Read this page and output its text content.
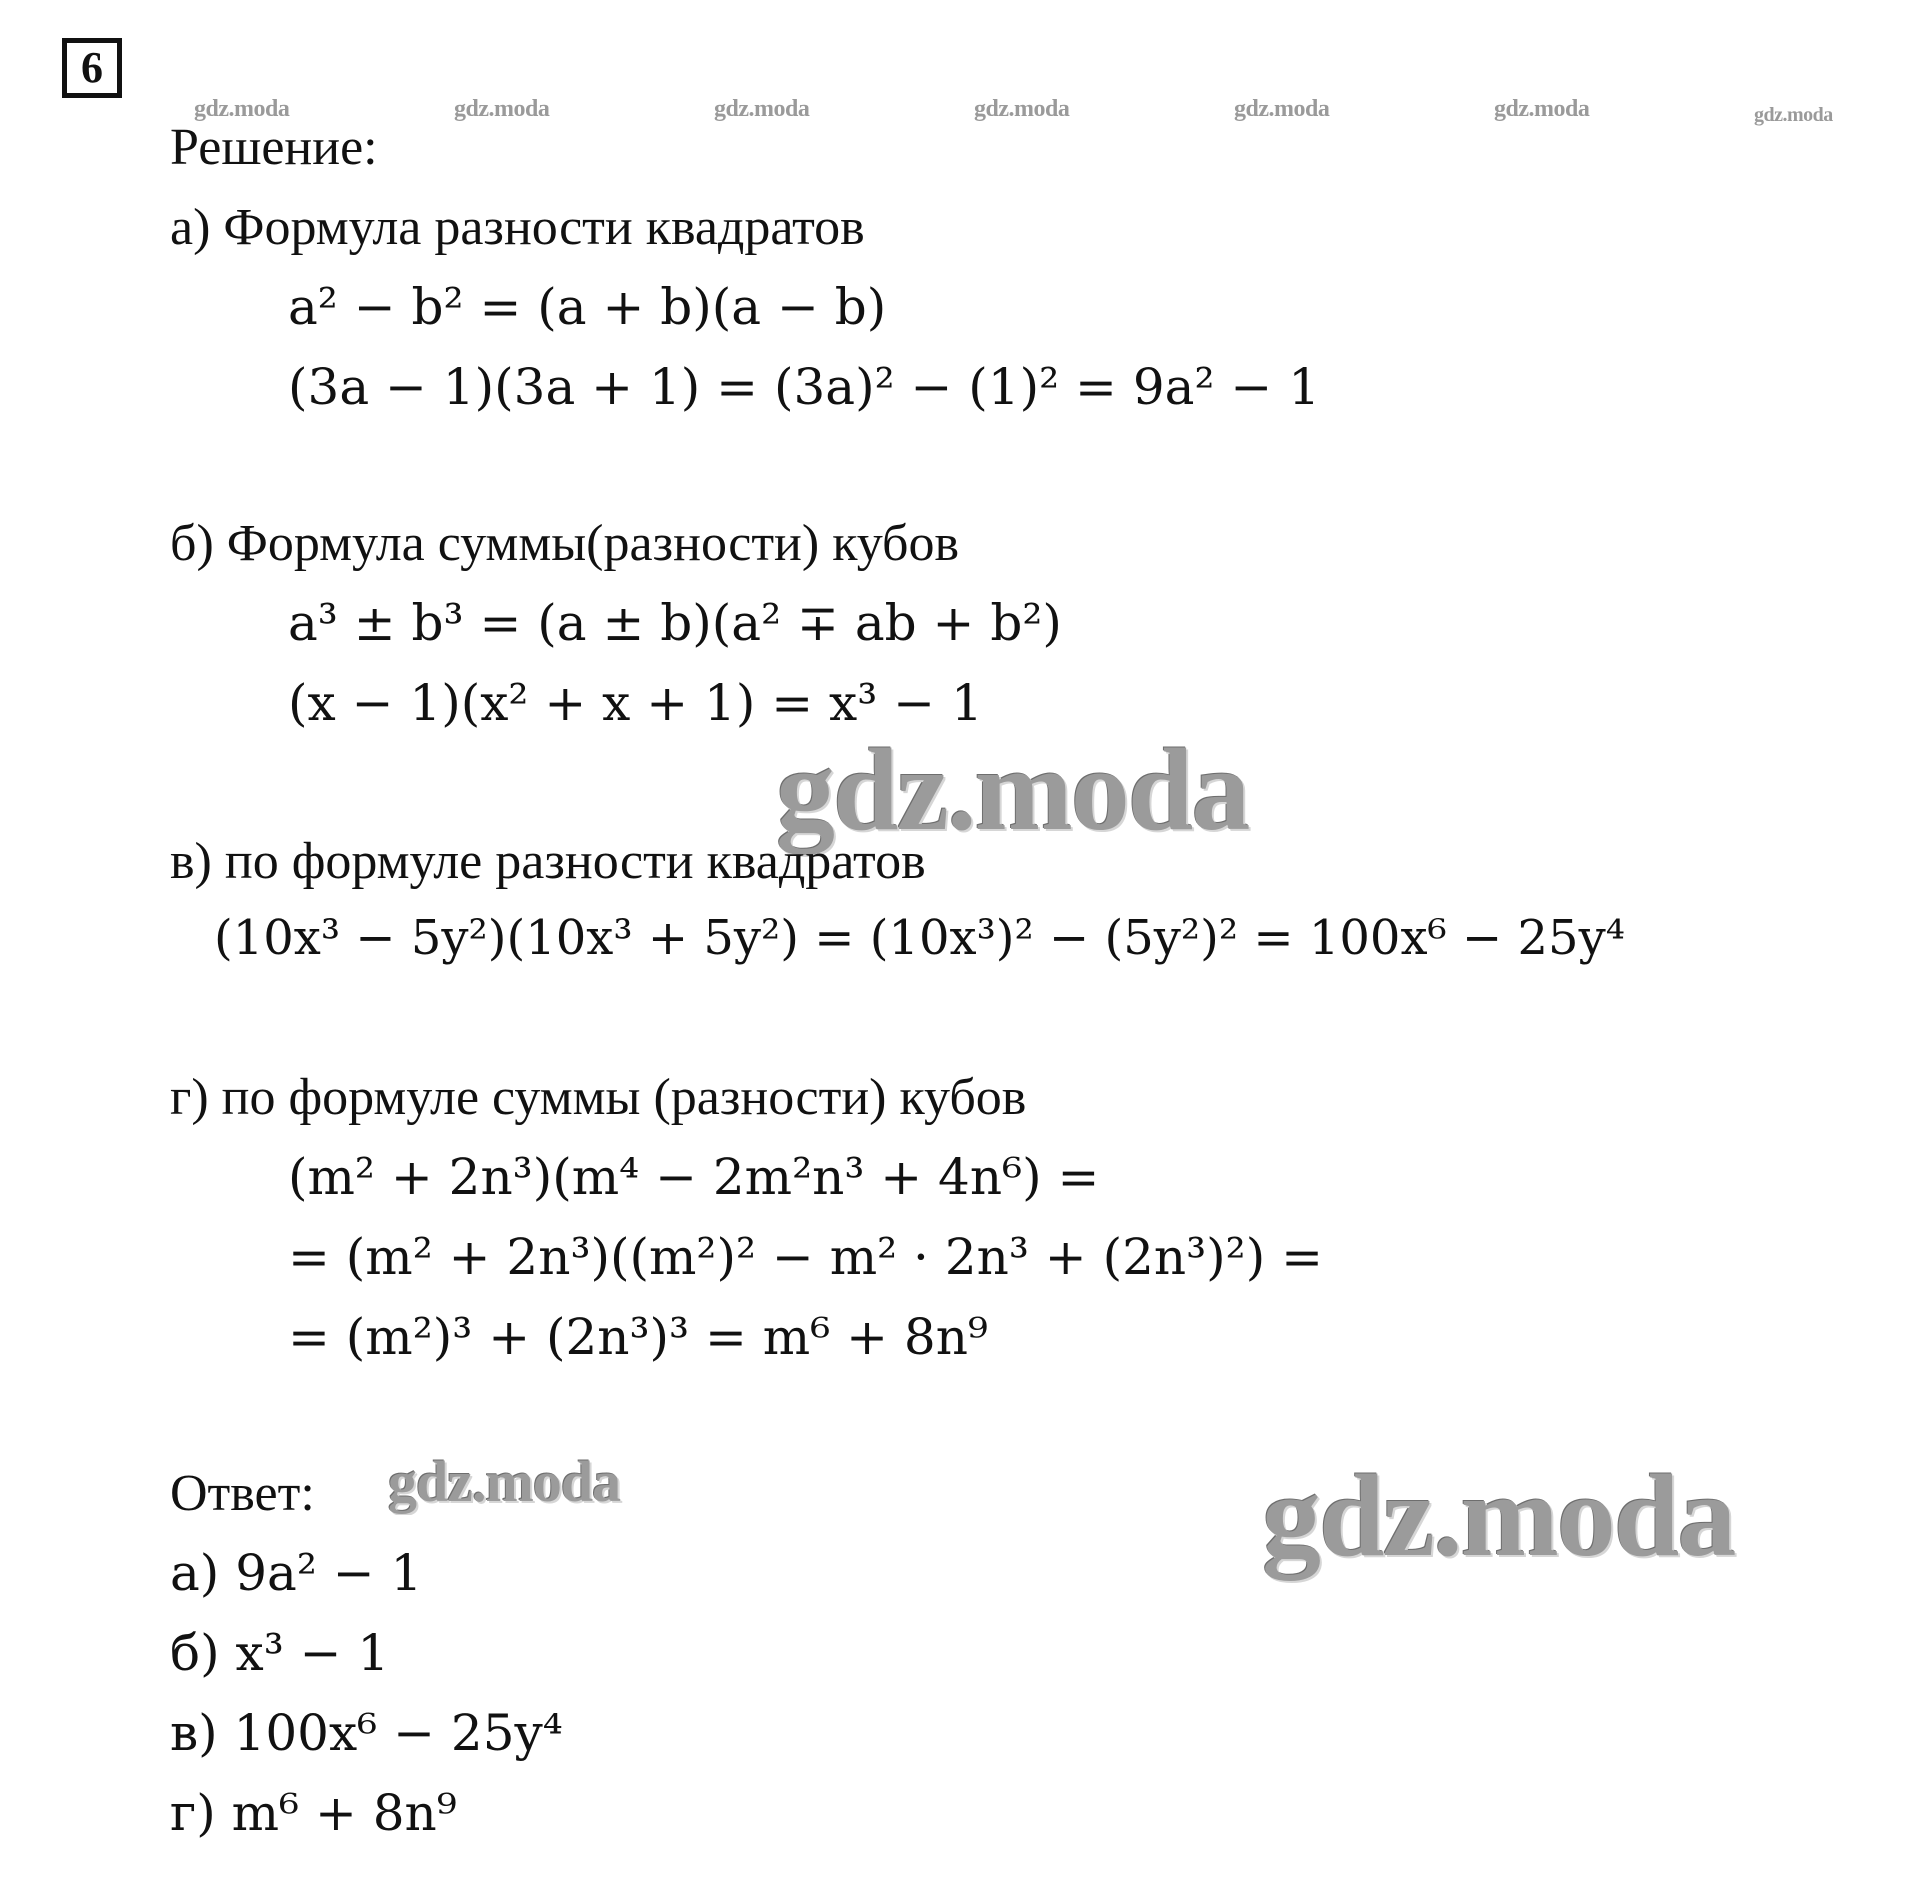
6
gdz.moda	gdz.moda	gdz.moda	gdz.moda	gdz.moda	gdz.moda	gdz.moda
gdz.moda
gdz.moda	gdz.moda
Решение:
а) Формула разности квадратов
a² − b² = (a + b)(a − b)
(3a − 1)(3a + 1) = (3a)² − (1)² = 9a² − 1
б) Формула суммы(разности) кубов
a³ ± b³ = (a ± b)(a² ∓ ab + b²)
(x − 1)(x² + x + 1) = x³ − 1
в) по формуле разности квадратов
(10x³ − 5y²)(10x³ + 5y²) = (10x³)² − (5y²)² = 100x⁶ − 25y⁴
г) по формуле суммы (разности) кубов
(m² + 2n³)(m⁴ − 2m²n³ + 4n⁶) =
= (m² + 2n³)((m²)² − m² · 2n³ + (2n³)²) =
= (m²)³ + (2n³)³ = m⁶ + 8n⁹
Ответ:
а) 9a² − 1
б) x³ − 1
в) 100x⁶ − 25y⁴
г) m⁶ + 8n⁹
